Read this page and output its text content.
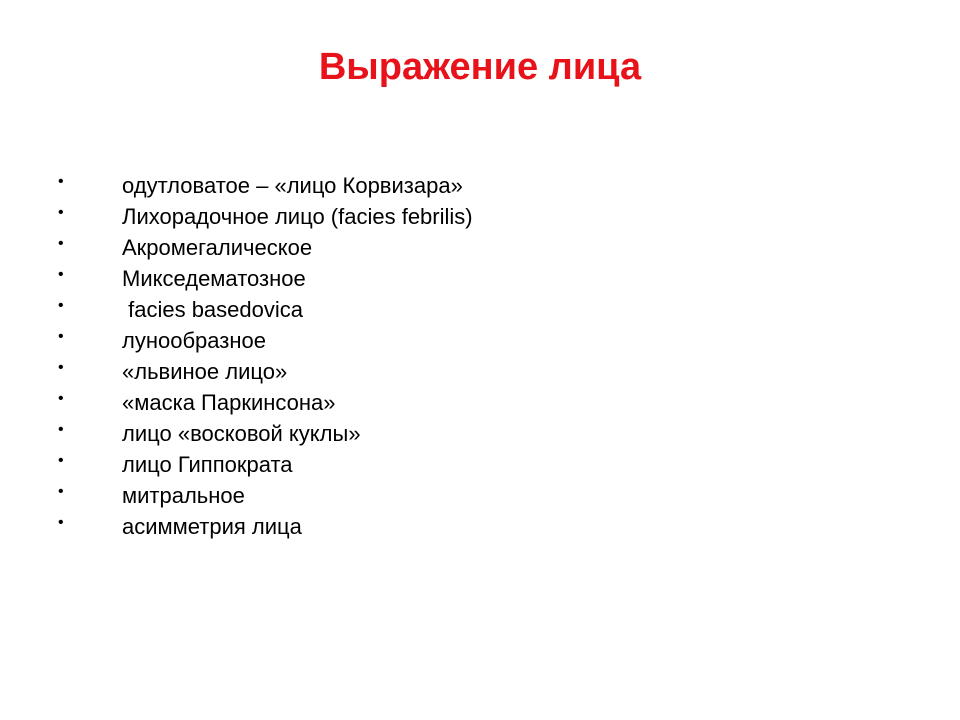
Выражение лица

•

	одутловатое – «лицо Корвизара»

•

	Лихорадочное лицо (facies febrilis)

•

	Акромегалическое

•

	Микседематозное

•

	facies basedovica

•

	лунообразное

•

	«львиное лицо»

•

	«маска Паркинсона»

•

	лицо «восковой куклы»

•

	лицо Гиппократа

•

	митральное

•

	асимметрия лица
